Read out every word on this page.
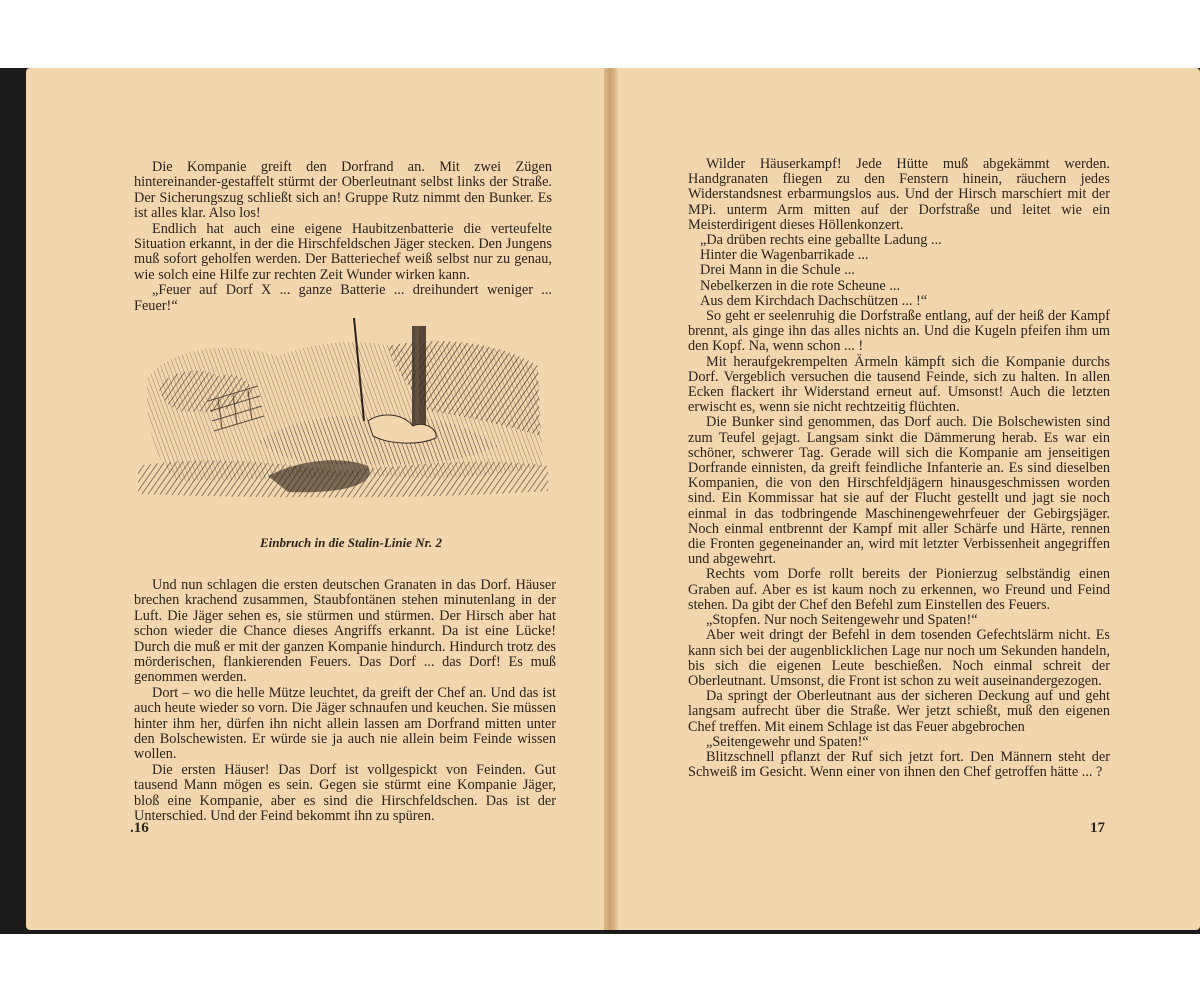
Die Kompanie greift den Dorfrand an. Mit zwei Zügen hintereinander-gestaffelt stürmt der Oberleutnant selbst links der Straße. Der Sicherungszug schließt sich an! Gruppe Rutz nimmt den Bunker. Es ist alles klar. Also los!

Endlich hat auch eine eigene Haubitzenbatterie die verteufelte Situation erkannt, in der die Hirschfeldschen Jäger stecken. Den Jungens muß sofort geholfen werden. Der Batteriechef weiß selbst nur zu genau, wie solch eine Hilfe zur rechten Zeit Wunder wirken kann.

„Feuer auf Dorf X ... ganze Batterie ... dreihundert weniger ... Feuer!“

Einbruch in die Stalin-Linie Nr. 2

Und nun schlagen die ersten deutschen Granaten in das Dorf. Häuser brechen krachend zusammen, Staubfontänen stehen minutenlang in der Luft. Die Jäger sehen es, sie stürmen und stürmen. Der Hirsch aber hat schon wieder die Chance dieses Angriffs erkannt. Da ist eine Lücke! Durch die muß er mit der ganzen Kompanie hindurch. Hindurch trotz des mörderischen, flankierenden Feuers. Das Dorf ... das Dorf! Es muß genommen werden.

Dort – wo die helle Mütze leuchtet, da greift der Chef an. Und das ist auch heute wieder so vorn. Die Jäger schnaufen und keuchen. Sie müssen hinter ihm her, dürfen ihn nicht allein lassen am Dorfrand mitten unter den Bolschewisten. Er würde sie ja auch nie allein beim Feinde wissen wollen.

Die ersten Häuser! Das Dorf ist vollgespickt von Feinden. Gut tausend Mann mögen es sein. Gegen sie stürmt eine Kompanie Jäger, bloß eine Kompanie, aber es sind die Hirschfeldschen. Das ist der Unterschied. Und der Feind bekommt ihn zu spüren.

.16

Wilder Häuserkampf! Jede Hütte muß abgekämmt werden. Handgranaten fliegen zu den Fenstern hinein, räuchern jedes Widerstandsnest erbarmungslos aus. Und der Hirsch marschiert mit der MPi. unterm Arm mitten auf der Dorfstraße und leitet wie ein Meisterdirigent dieses Höllenkonzert.

„Da drüben rechts eine geballte Ladung ...

Hinter die Wagenbarrikade ...

Drei Mann in die Schule ...

Nebelkerzen in die rote Scheune ...

Aus dem Kirchdach Dachschützen ... !“

So geht er seelenruhig die Dorfstraße entlang, auf der heiß der Kampf brennt, als ginge ihn das alles nichts an. Und die Kugeln pfeifen ihm um den Kopf. Na, wenn schon ... !

Mit heraufgekrempelten Ärmeln kämpft sich die Kompanie durchs Dorf. Vergeblich versuchen die tausend Feinde, sich zu halten. In allen Ecken flackert ihr Widerstand erneut auf. Umsonst! Auch die letzten erwischt es, wenn sie nicht rechtzeitig flüchten.

Die Bunker sind genommen, das Dorf auch. Die Bolschewisten sind zum Teufel gejagt. Langsam sinkt die Dämmerung herab. Es war ein schöner, schwerer Tag. Gerade will sich die Kompanie am jenseitigen Dorfrande einnisten, da greift feindliche Infanterie an. Es sind dieselben Kompanien, die von den Hirschfeldjägern hinausgeschmissen worden sind. Ein Kommissar hat sie auf der Flucht gestellt und jagt sie noch einmal in das todbringende Maschinengewehrfeuer der Gebirgsjäger. Noch einmal entbrennt der Kampf mit aller Schärfe und Härte, rennen die Fronten gegeneinander an, wird mit letzter Verbissenheit angegriffen und abgewehrt.

Rechts vom Dorfe rollt bereits der Pionierzug selbständig einen Graben auf. Aber es ist kaum noch zu erkennen, wo Freund und Feind stehen. Da gibt der Chef den Befehl zum Einstellen des Feuers.

„Stopfen. Nur noch Seitengewehr und Spaten!“

Aber weit dringt der Befehl in dem tosenden Gefechtslärm nicht. Es kann sich bei der augenblicklichen Lage nur noch um Sekunden handeln, bis sich die eigenen Leute beschießen. Noch einmal schreit der Oberleutnant. Umsonst, die Front ist schon zu weit auseinandergezogen.

Da springt der Oberleutnant aus der sicheren Deckung auf und geht langsam aufrecht über die Straße. Wer jetzt schießt, muß den eigenen Chef treffen. Mit einem Schlage ist das Feuer abgebrochen

„Seitengewehr und Spaten!“

Blitzschnell pflanzt der Ruf sich jetzt fort. Den Männern steht der Schweiß im Gesicht. Wenn einer von ihnen den Chef getroffen hätte ... ?

17
